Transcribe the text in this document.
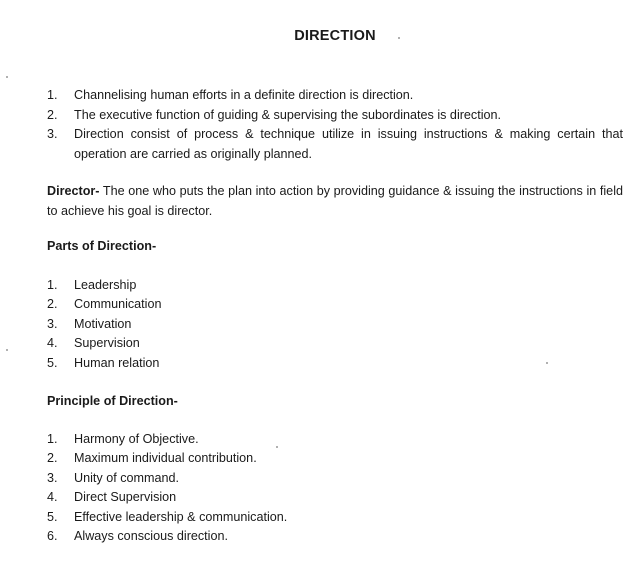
DIRECTION
1.	Channelising human efforts in a definite direction is direction.
2.	The executive function of guiding & supervising the subordinates is direction.
3.	Direction consist of process & technique utilize in issuing instructions & making certain that operation are carried as originally planned.

Director- The one who puts the plan into action by providing guidance & issuing the instructions in field to achieve his goal is director.

Parts of Direction-

1.	Leadership
2.	Communication
3.	Motivation
4.	Supervision
5.	Human relation

Principle of Direction-

1.	Harmony of Objective.
2.	Maximum individual contribution.
3.	Unity of command.
4.	Direct Supervision
5.	Effective leadership & communication.
6.	Always conscious direction.
